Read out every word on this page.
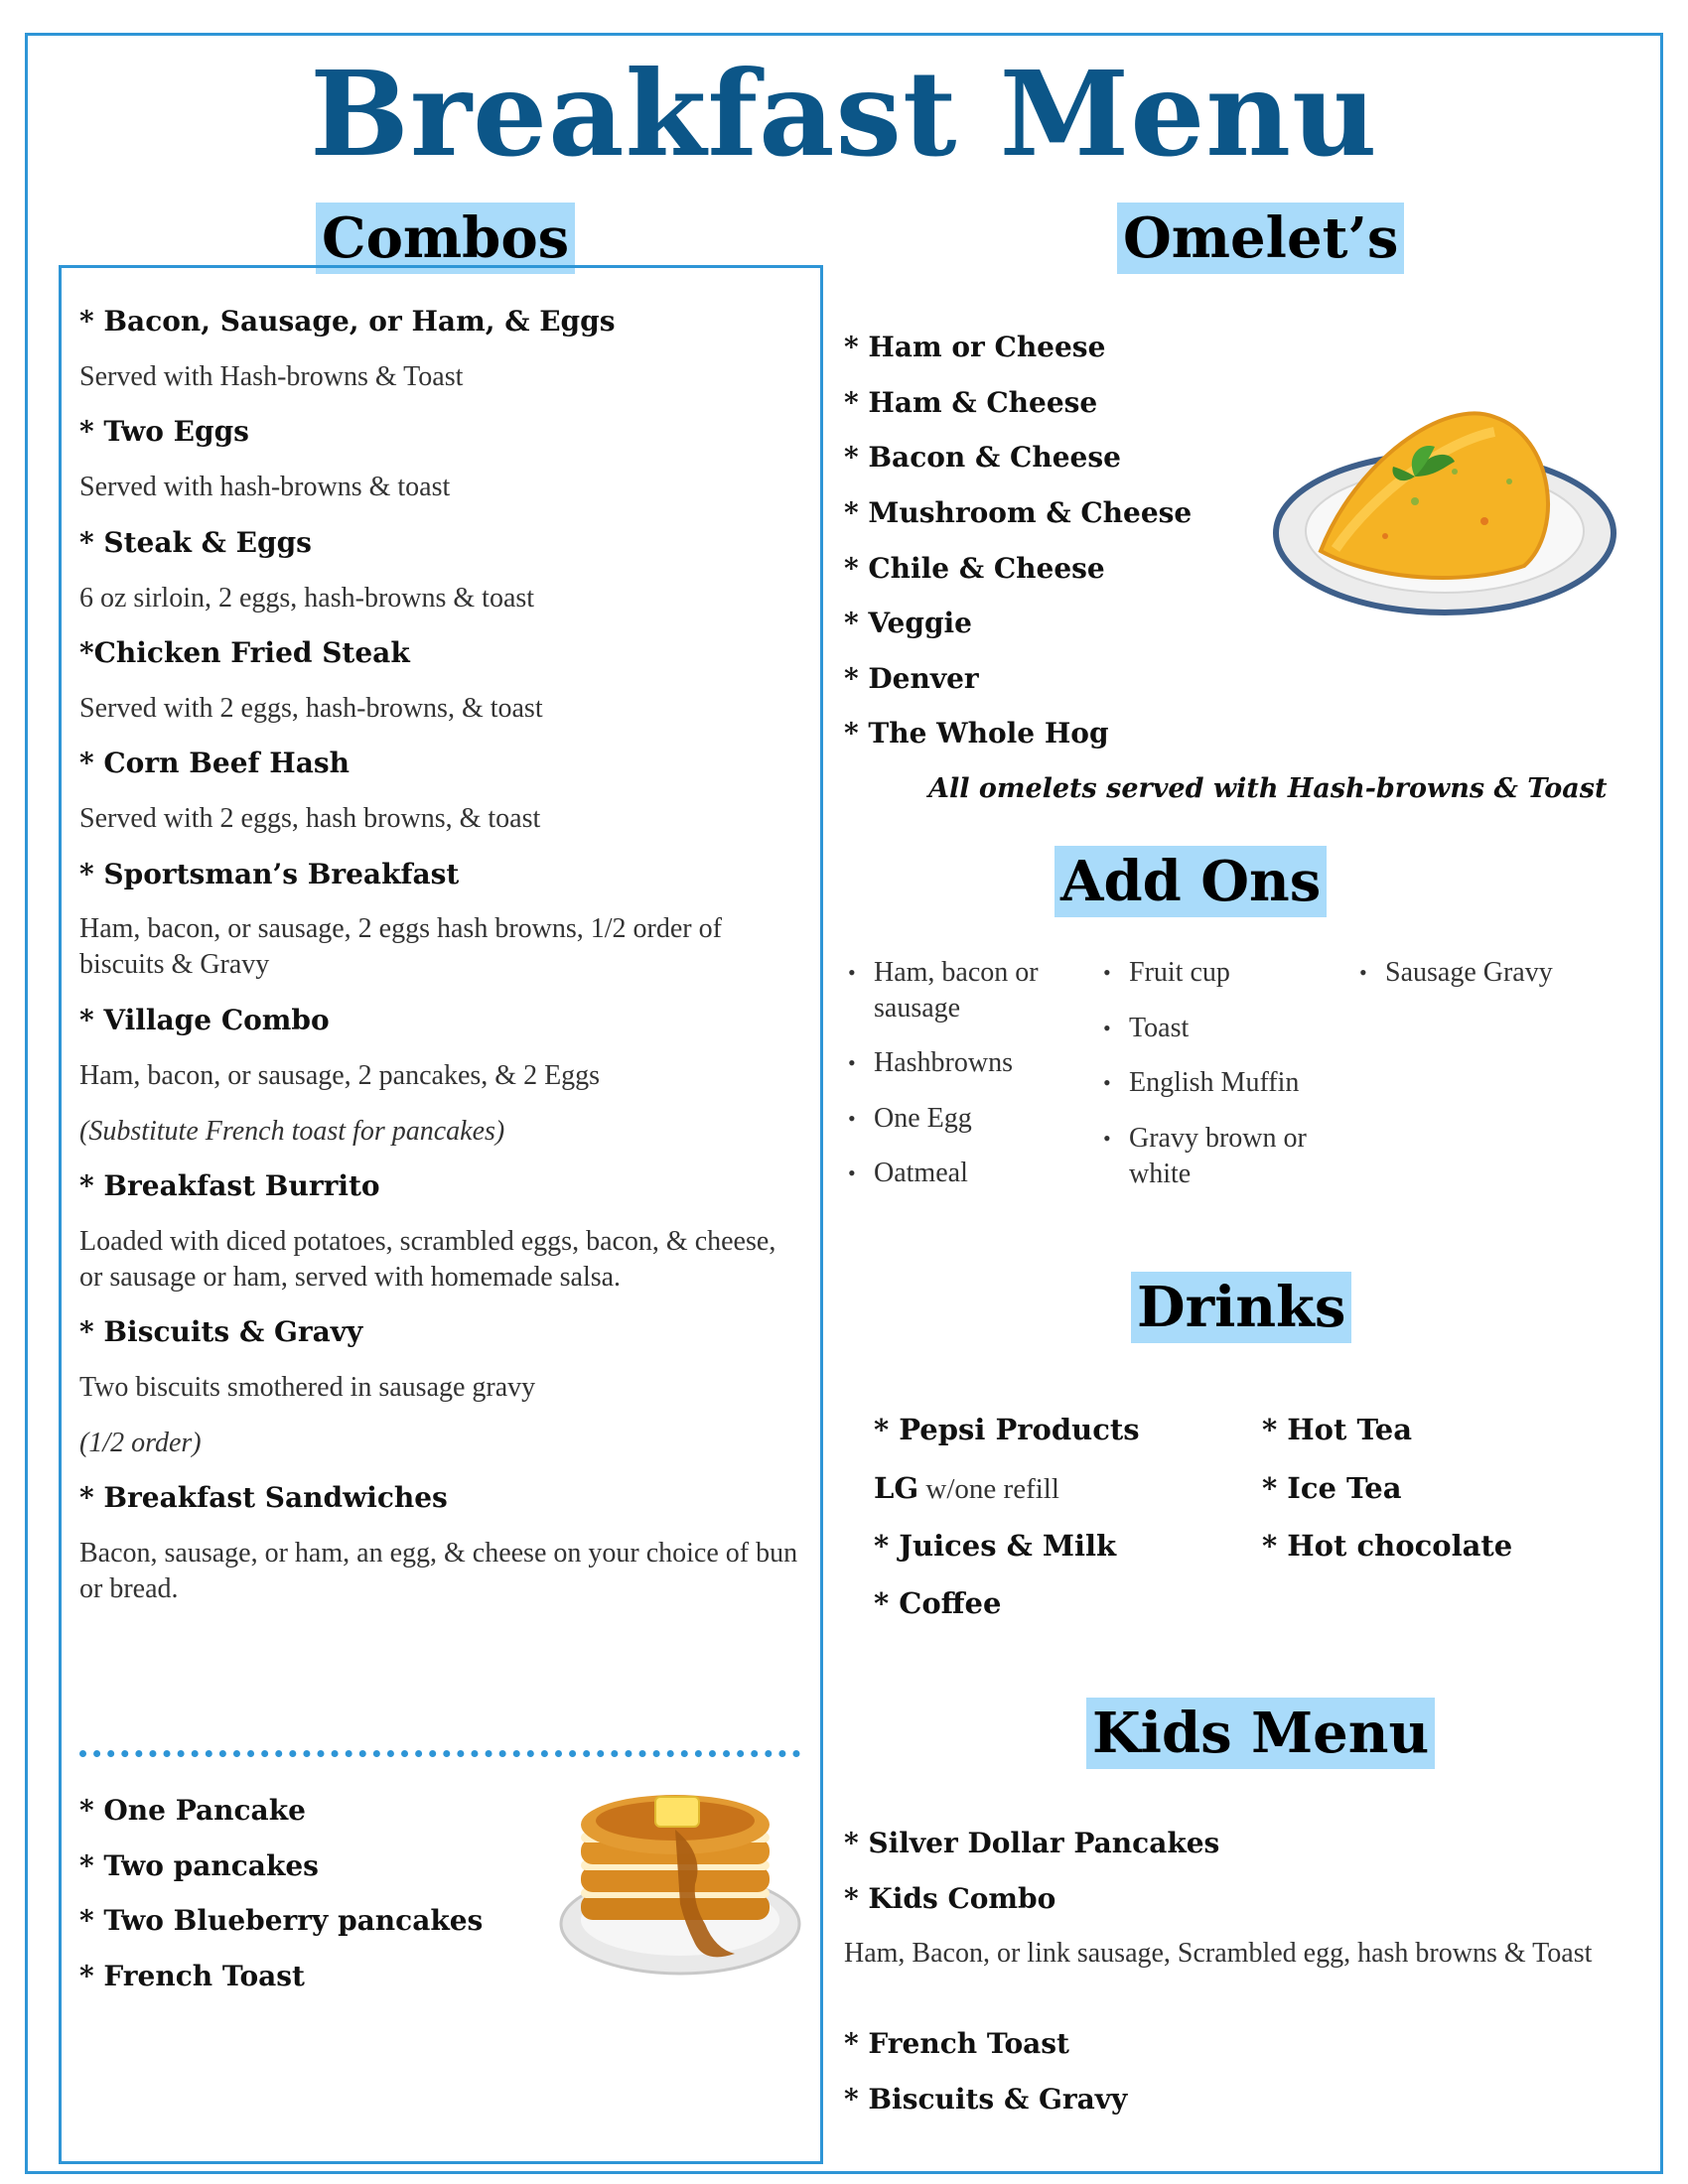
Breakfast Menu
Combos
* Bacon, Sausage, or Ham, & Eggs
Served with Hash-browns & Toast
* Two Eggs
Served with hash-browns & toast
* Steak & Eggs
6 oz sirloin, 2 eggs, hash-browns & toast
*Chicken Fried Steak
Served with 2 eggs, hash-browns, & toast
* Corn Beef Hash
Served with 2 eggs, hash browns, & toast
* Sportsman’s Breakfast
Ham, bacon, or sausage, 2 eggs hash browns, 1/2 order of biscuits & Gravy
* Village Combo
Ham, bacon, or sausage, 2 pancakes, & 2 Eggs
(Substitute French toast for pancakes)
* Breakfast Burrito
Loaded with diced potatoes, scrambled eggs, bacon, & cheese, or sausage or ham, served with homemade salsa.
* Biscuits & Gravy
Two biscuits smothered in sausage gravy
(1/2 order)
* Breakfast Sandwiches
Bacon, sausage, or ham, an egg, & cheese on your choice of bun or bread.
* One Pancake
* Two pancakes
* Two Blueberry pancakes
* French Toast
Omelet’s
* Ham or Cheese
* Ham & Cheese
* Bacon & Cheese
* Mushroom & Cheese
* Chile & Cheese
* Veggie
* Denver
* The Whole Hog
All omelets served with Hash-browns & Toast
Add Ons
• Ham, bacon or sausage
• Hashbrowns
• One Egg
• Oatmeal
• Fruit cup
• Toast
• English Muffin
• Gravy brown or white
• Sausage Gravy
Drinks
* Pepsi Products
LG w/one refill
* Juices & Milk
* Coffee
* Hot Tea
* Ice Tea
* Hot chocolate
Kids Menu
* Silver Dollar Pancakes
* Kids Combo
Ham, Bacon, or link sausage, Scrambled egg, hash browns & Toast
* French Toast
* Biscuits & Gravy
